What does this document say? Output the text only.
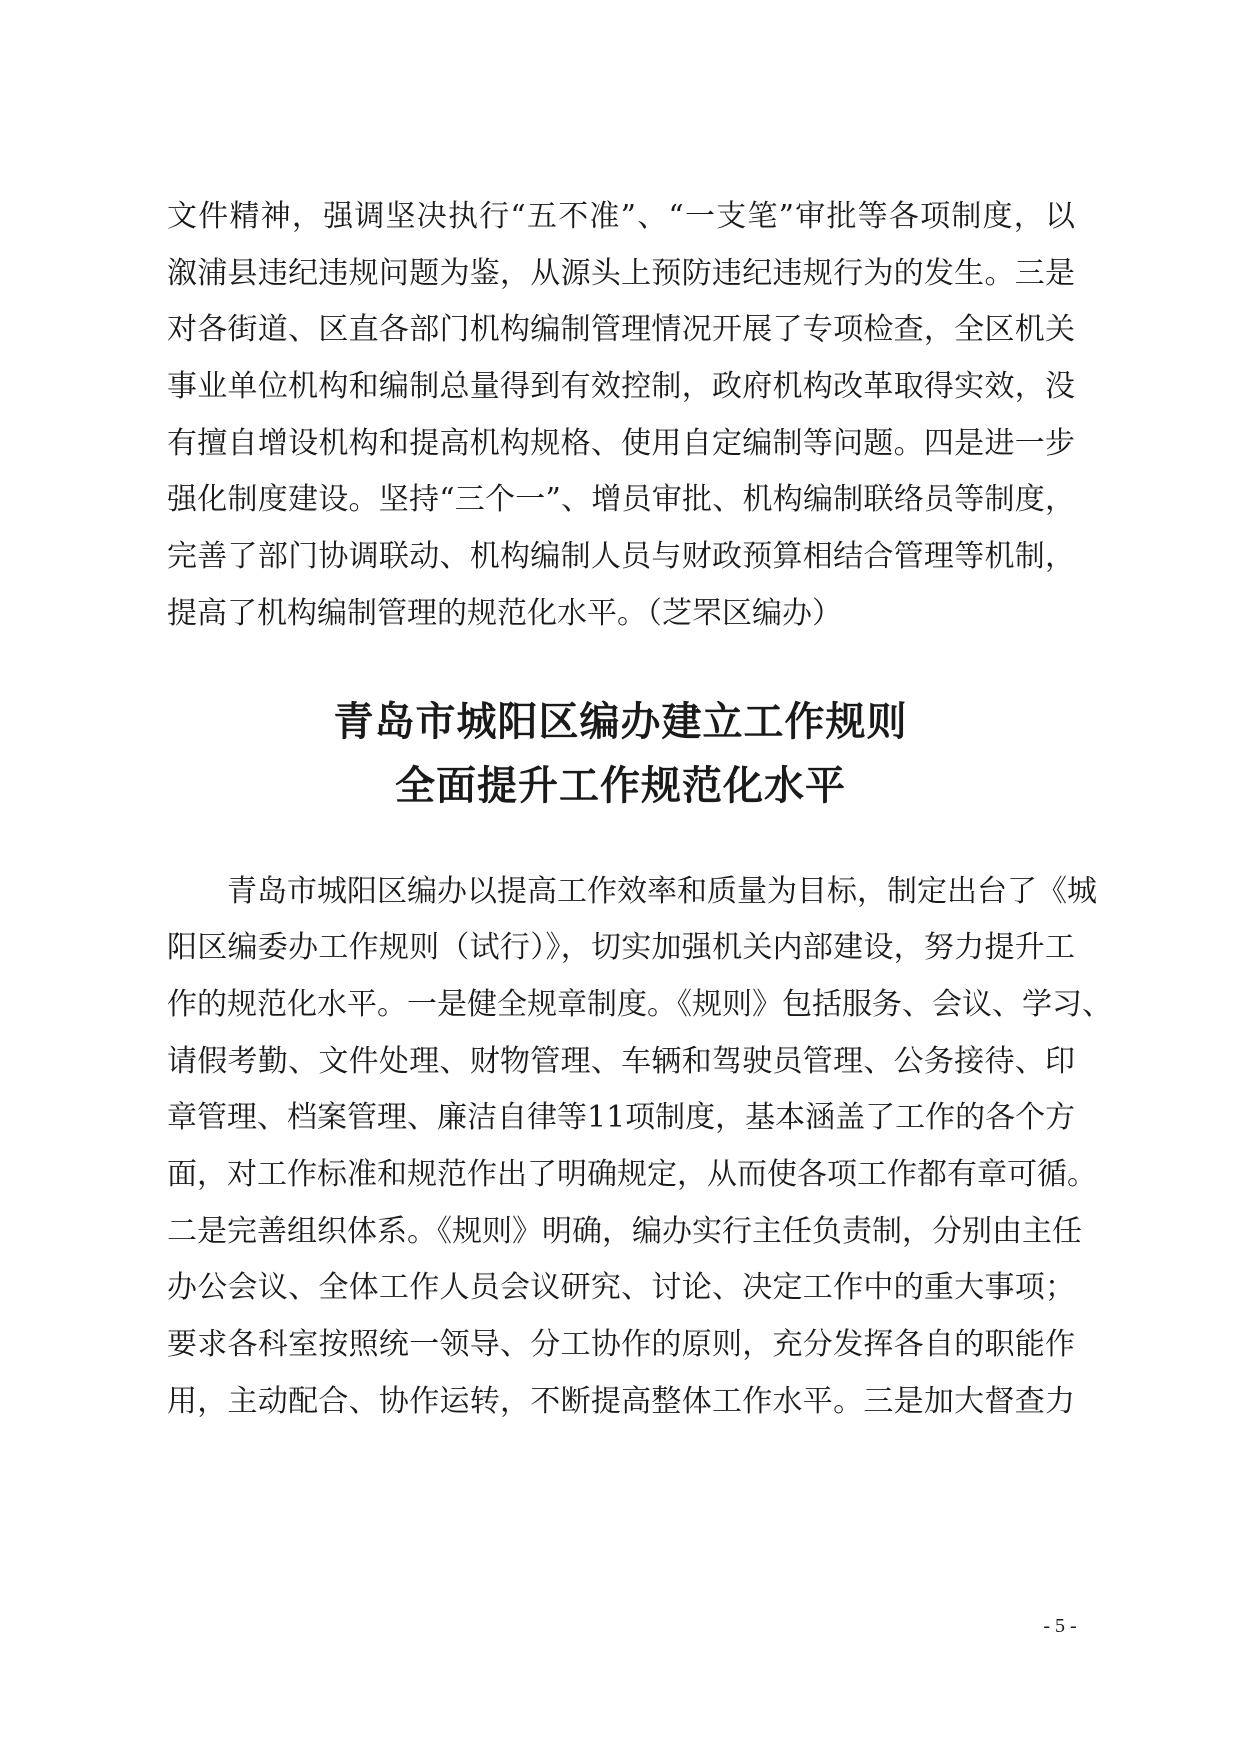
文件精神，强调坚决执行“五不准”、“一支笔”审批等各项制度，以
溆浦县违纪违规问题为鉴，从源头上预防违纪违规行为的发生。三是
对各街道、区直各部门机构编制管理情况开展了专项检查，全区机关
事业单位机构和编制总量得到有效控制，政府机构改革取得实效，没
有擅自增设机构和提高机构规格、使用自定编制等问题。四是进一步
强化制度建设。坚持“三个一”、增员审批、机构编制联络员等制度，
完善了部门协调联动、机构编制人员与财政预算相结合管理等机制，
提高了机构编制管理的规范化水平。（芝罘区编办）
青岛市城阳区编办建立工作规则
全面提升工作规范化水平
青岛市城阳区编办以提高工作效率和质量为目标，制定出台了《城
阳区编委办工作规则（试行）》，切实加强机关内部建设，努力提升工
作的规范化水平。一是健全规章制度。《规则》包括服务、会议、学习、
请假考勤、文件处理、财物管理、车辆和驾驶员管理、公务接待、印
章管理、档案管理、廉洁自律等11项制度，基本涵盖了工作的各个方
面，对工作标准和规范作出了明确规定，从而使各项工作都有章可循。
二是完善组织体系。《规则》明确，编办实行主任负责制，分别由主任
办公会议、全体工作人员会议研究、讨论、决定工作中的重大事项；
要求各科室按照统一领导、分工协作的原则，充分发挥各自的职能作
用，主动配合、协作运转，不断提高整体工作水平。三是加大督查力
- 5 -
